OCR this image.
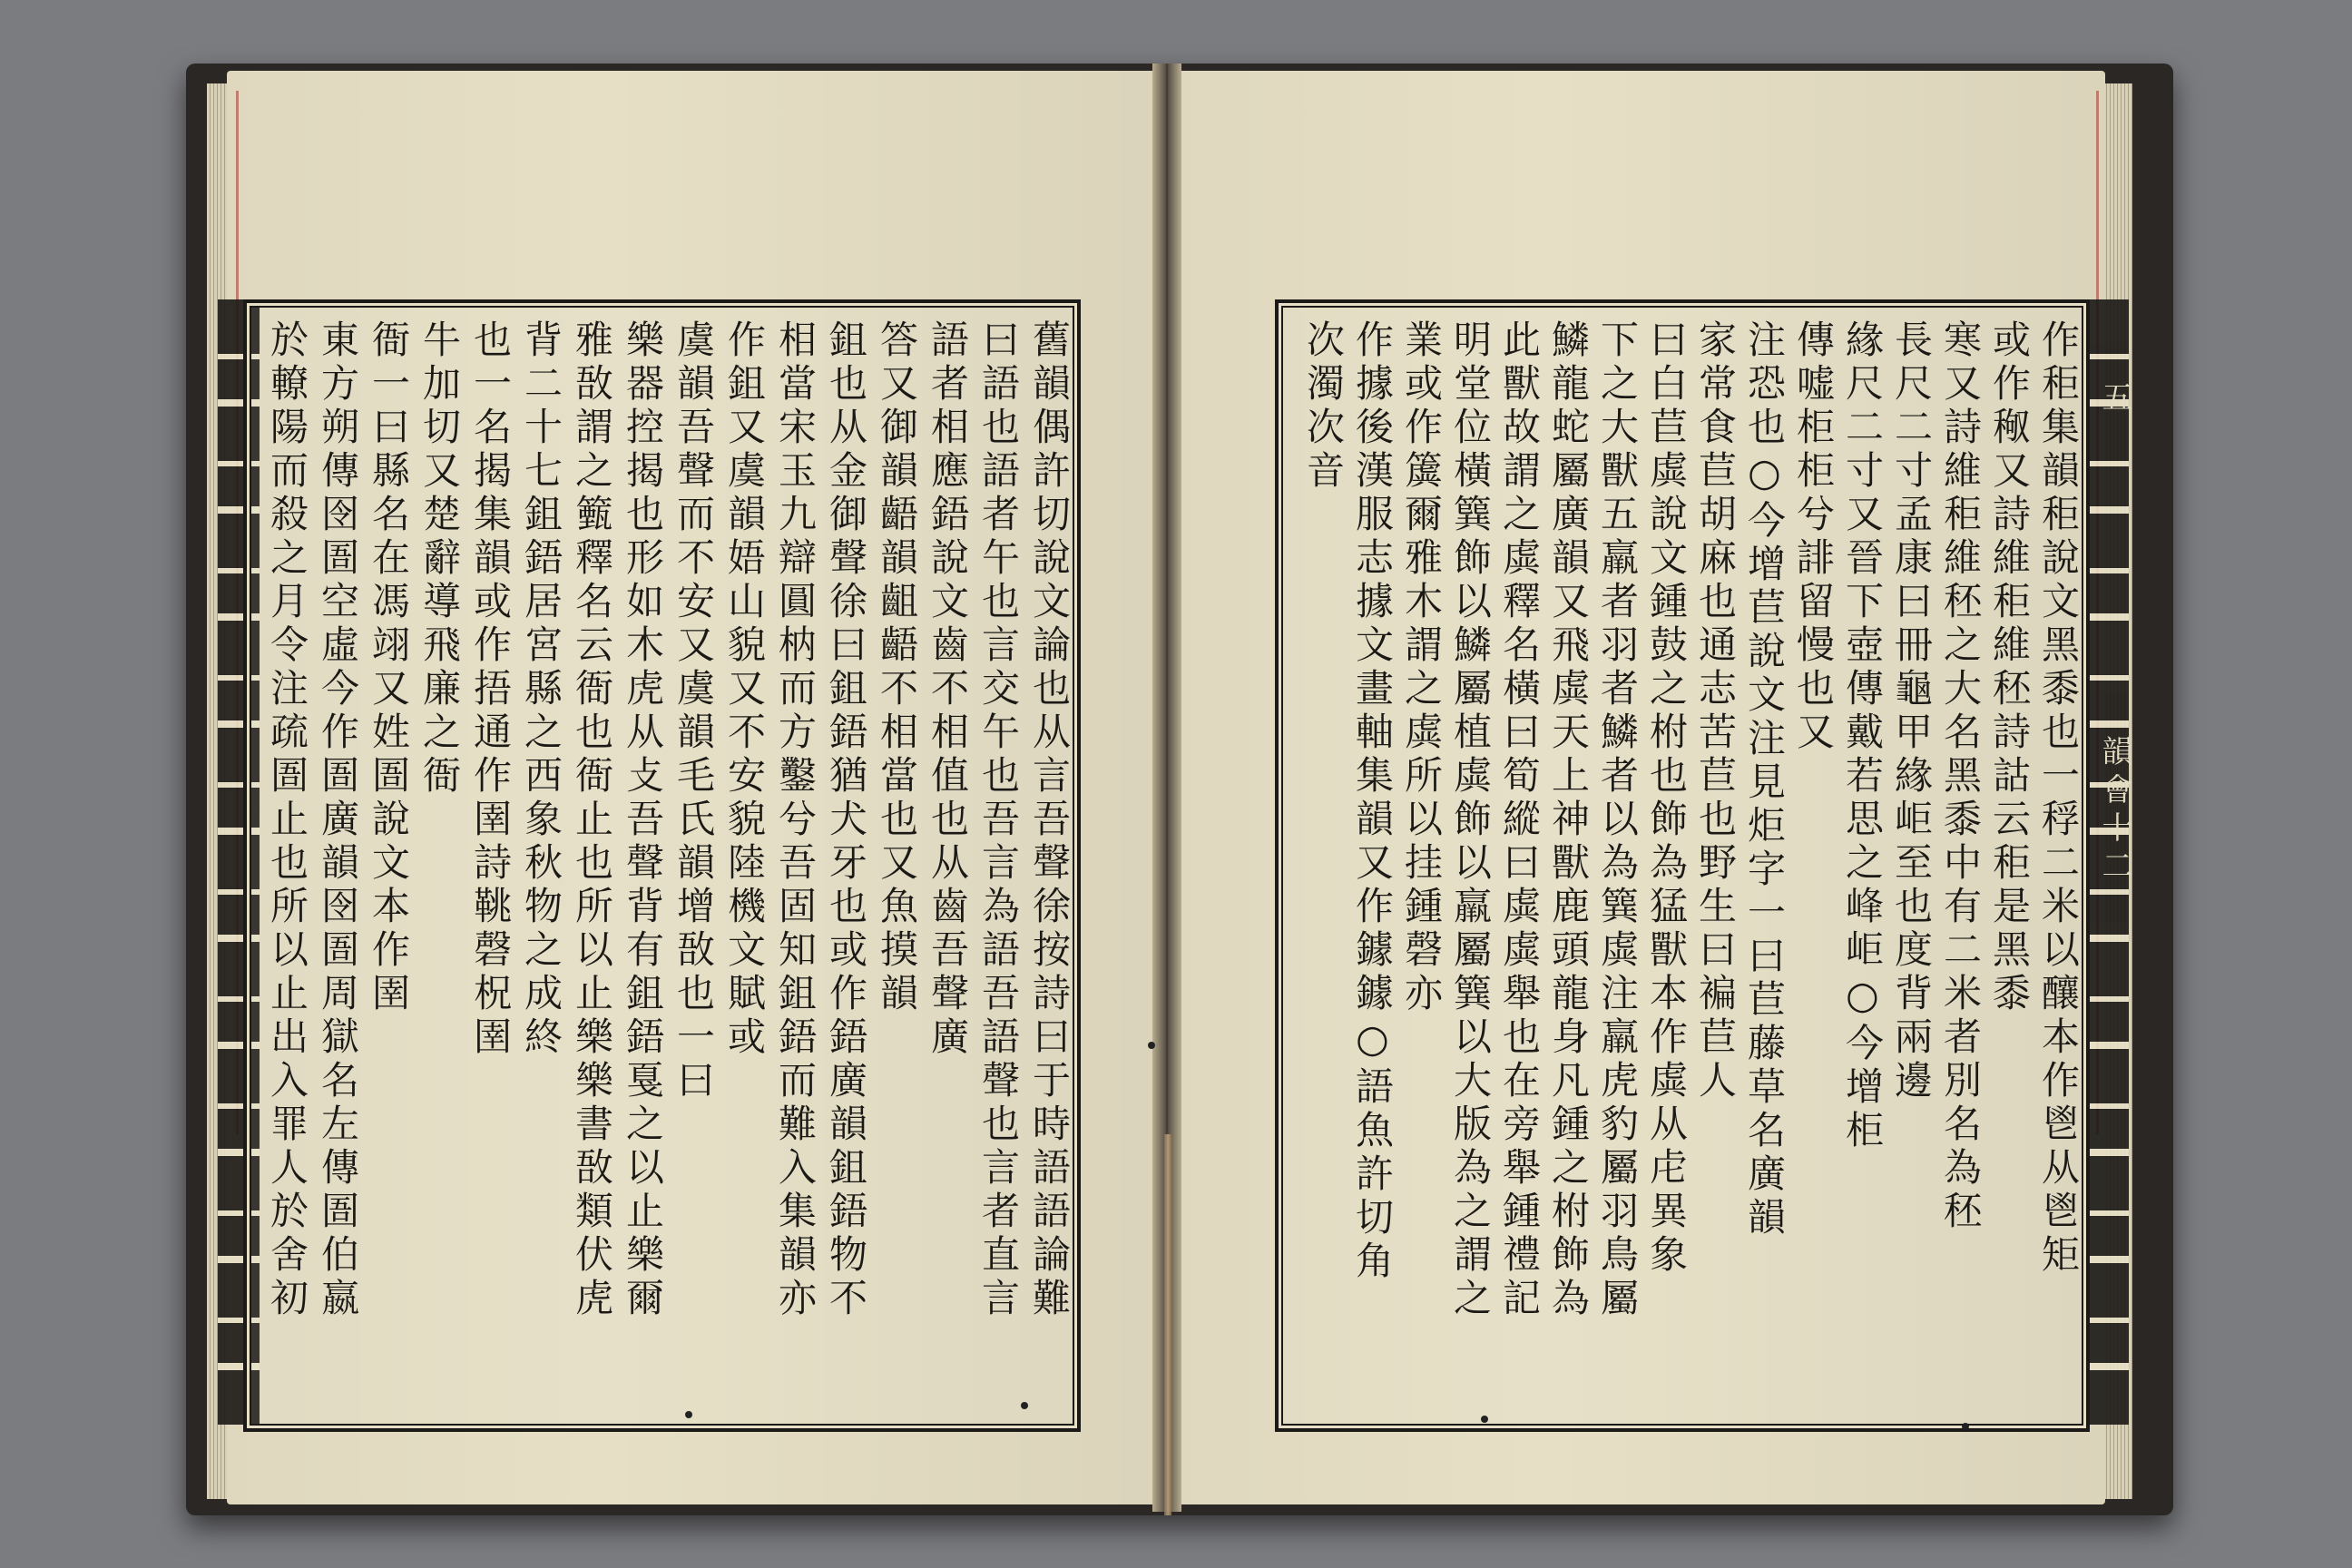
五
韻會十二
舊韻偶許切說文論也从言吾聲徐按詩曰于時語語論難
曰語也語者午也言交午也吾言為語吾語聲也言者直言
語者相應鋙說文齒不相值也从齒吾聲廣
答又御韻齬韻齟齬不相當也又魚摸韻
鉏也从金御聲徐曰鉏鋙猶犬牙也或作鋙廣韻鉏鋙物不
相當宋玉九辯圓枘而方鑿兮吾固知鉏鋙而難入集韻亦
作鉏又虞韻娪山貌又不安貌陸機文賦或
虞韻吾聲而不安又虞韻毛氏韻增敔也一曰
樂器控揭也形如木虎从攴吾聲背有鉏鋙戛之以止樂爾
雅敔謂之籈釋名云衙也衙止也所以止樂樂書敔類伏虎
背二十七鉏鋙居宮縣之西象秋物之成終
也一名揭集韻或作捂通作圉詩鞉磬柷圉
牛加切又楚辭導飛廉之衙
衙一曰縣名在馮翊又姓圄說文本作圉
東方朔傳囹圄空虛今作圄廣韻囹圄周獄名左傳圄伯嬴
於轑陽而殺之月令注疏圄止也所以止出入罪人於舍初	作秬集韻秬說文黑黍也一稃二米以釀本作鬯从鬯矩
或作䅓又詩維秬維秠詩詁云秬是黑黍
寒又詩維秬維秠之大名黑黍中有二米者別名為秠
長尺二寸孟康曰冊龜甲緣岠至也度背兩邊
緣尺二寸又晉下壺傳戴若思之峰岠○今增柜
傳嘘柜柜兮誹留慢也又
注恐也○今增苣說文注見炬字一曰苣藤草名廣韻
家常食苣胡麻也通志苦苣也野生曰褊苣人
曰白苣虡說文鍾鼓之柎也飾為猛獸本作虡从虍異象
下之大獸五羸者羽者鱗者以為簨虡注羸虎豹屬羽鳥屬
鱗龍蛇屬廣韻又飛虡天上神獸鹿頭龍身凡鍾之柎飾為
此獸故謂之虡釋名橫曰筍縱曰虡虡舉也在旁舉鍾禮記
明堂位橫簨飾以鱗屬植虡飾以羸屬簨以大版為之謂之
業或作簴爾雅木謂之虡所以挂鍾磬亦
作據後漢服志據文畫軸集韻又作鐻鐻○語魚許切角
次濁次音
